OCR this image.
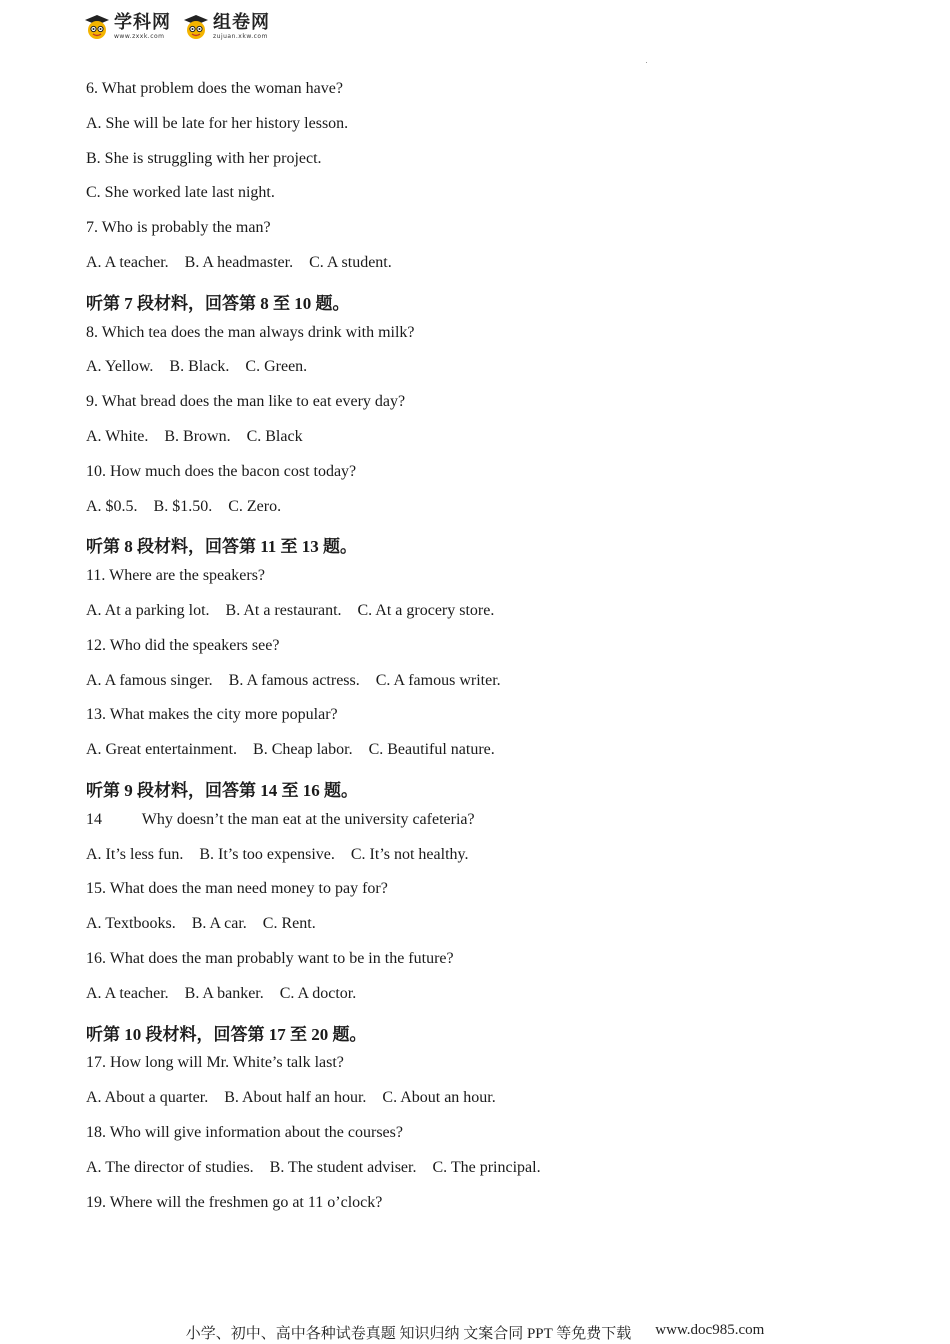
学科网
www.zxxk.com
组卷网
zujuan.xkw.com
6. What problem does the woman have?
A. She will be late for her history lesson.
B. She is struggling with her project.
C. She worked late last night.
7. Who is probably the man?
A. A teacher.    B. A headmaster.    C. A student.
听第 7 段材料，回答第 8 至 10 题。
8. Which tea does the man always drink with milk?
A. Yellow.    B. Black.    C. Green.
9. What bread does the man like to eat every day?
A. White.    B. Brown.    C. Black
10. How much does the bacon cost today?
A. $0.5.    B. $1.50.    C. Zero.
听第 8 段材料，回答第 11 至 13 题。
11. Where are the speakers?
A. At a parking lot.    B. At a restaurant.    C. At a grocery store.
12. Who did the speakers see?
A. A famous singer.    B. A famous actress.    C. A famous writer.
13. What makes the city more popular?
A. Great entertainment.    B. Cheap labor.    C. Beautiful nature.
听第 9 段材料，回答第 14 至 16 题。
14          Why doesn’t the man eat at the university cafeteria?
A. It’s less fun.    B. It’s too expensive.    C. It’s not healthy.
15. What does the man need money to pay for?
A. Textbooks.    B. A car.    C. Rent.
16. What does the man probably want to be in the future?
A. A teacher.    B. A banker.    C. A doctor.
听第 10 段材料，回答第 17 至 20 题。
17. How long will Mr. White’s talk last?
A. About a quarter.    B. About half an hour.    C. About an hour.
18. Who will give information about the courses?
A. The director of studies.    B. The student adviser.    C. The principal.
19. Where will the freshmen go at 11 o’clock?
小学、初中、高中各种试卷真题 知识归纳 文案合同 PPT 等免费下载 www.doc985.com
